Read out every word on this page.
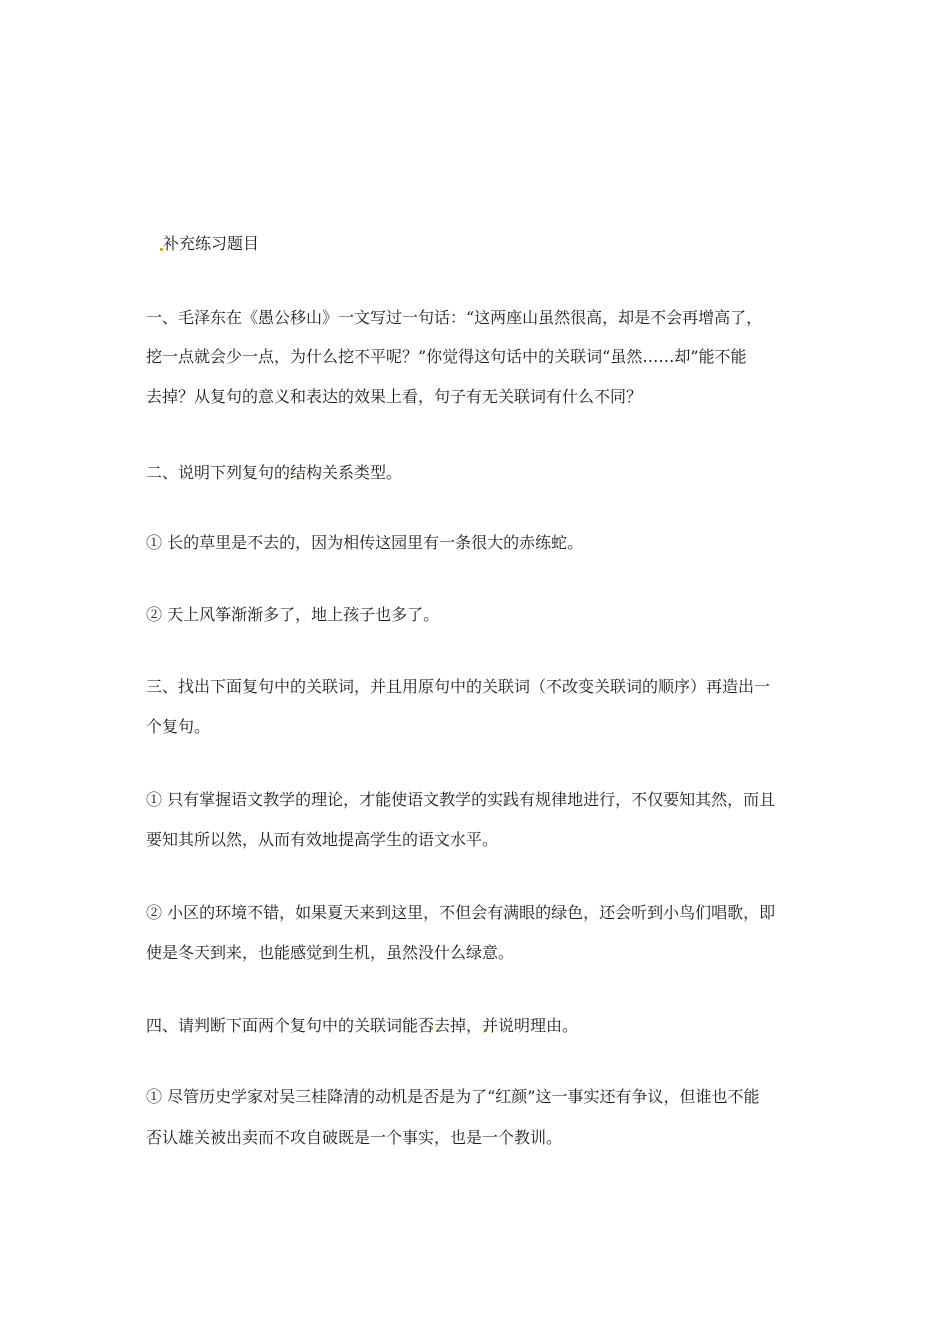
补充练习题目
一、毛泽东在《愚公移山》一文写过一句话：“这两座山虽然很高，却是不会再增高了，
挖一点就会少一点，为什么挖不平呢？”你觉得这句话中的关联词“虽然……却”能不能
去掉？从复句的意义和表达的效果上看，句子有无关联词有什么不同？
二、说明下列复句的结构关系类型。
① 长的草里是不去的，因为相传这园里有一条很大的赤练蛇。
② 天上风筝渐渐多了，地上孩子也多了。
三、找出下面复句中的关联词，并且用原句中的关联词（不改变关联词的顺序）再造出一
个复句。
① 只有掌握语文教学的理论，才能使语文教学的实践有规律地进行，不仅要知其然，而且
要知其所以然，从而有效地提高学生的语文水平。
② 小区的环境不错，如果夏天来到这里，不但会有满眼的绿色，还会听到小鸟们唱歌，即
使是冬天到来，也能感觉到生机，虽然没什么绿意。
四、请判断下面两个复句中的关联词能否去掉，并说明理由。
① 尽管历史学家对吴三桂降清的动机是否是为了“红颜”这一事实还有争议，但谁也不能
否认雄关被出卖而不攻自破既是一个事实，也是一个教训。
